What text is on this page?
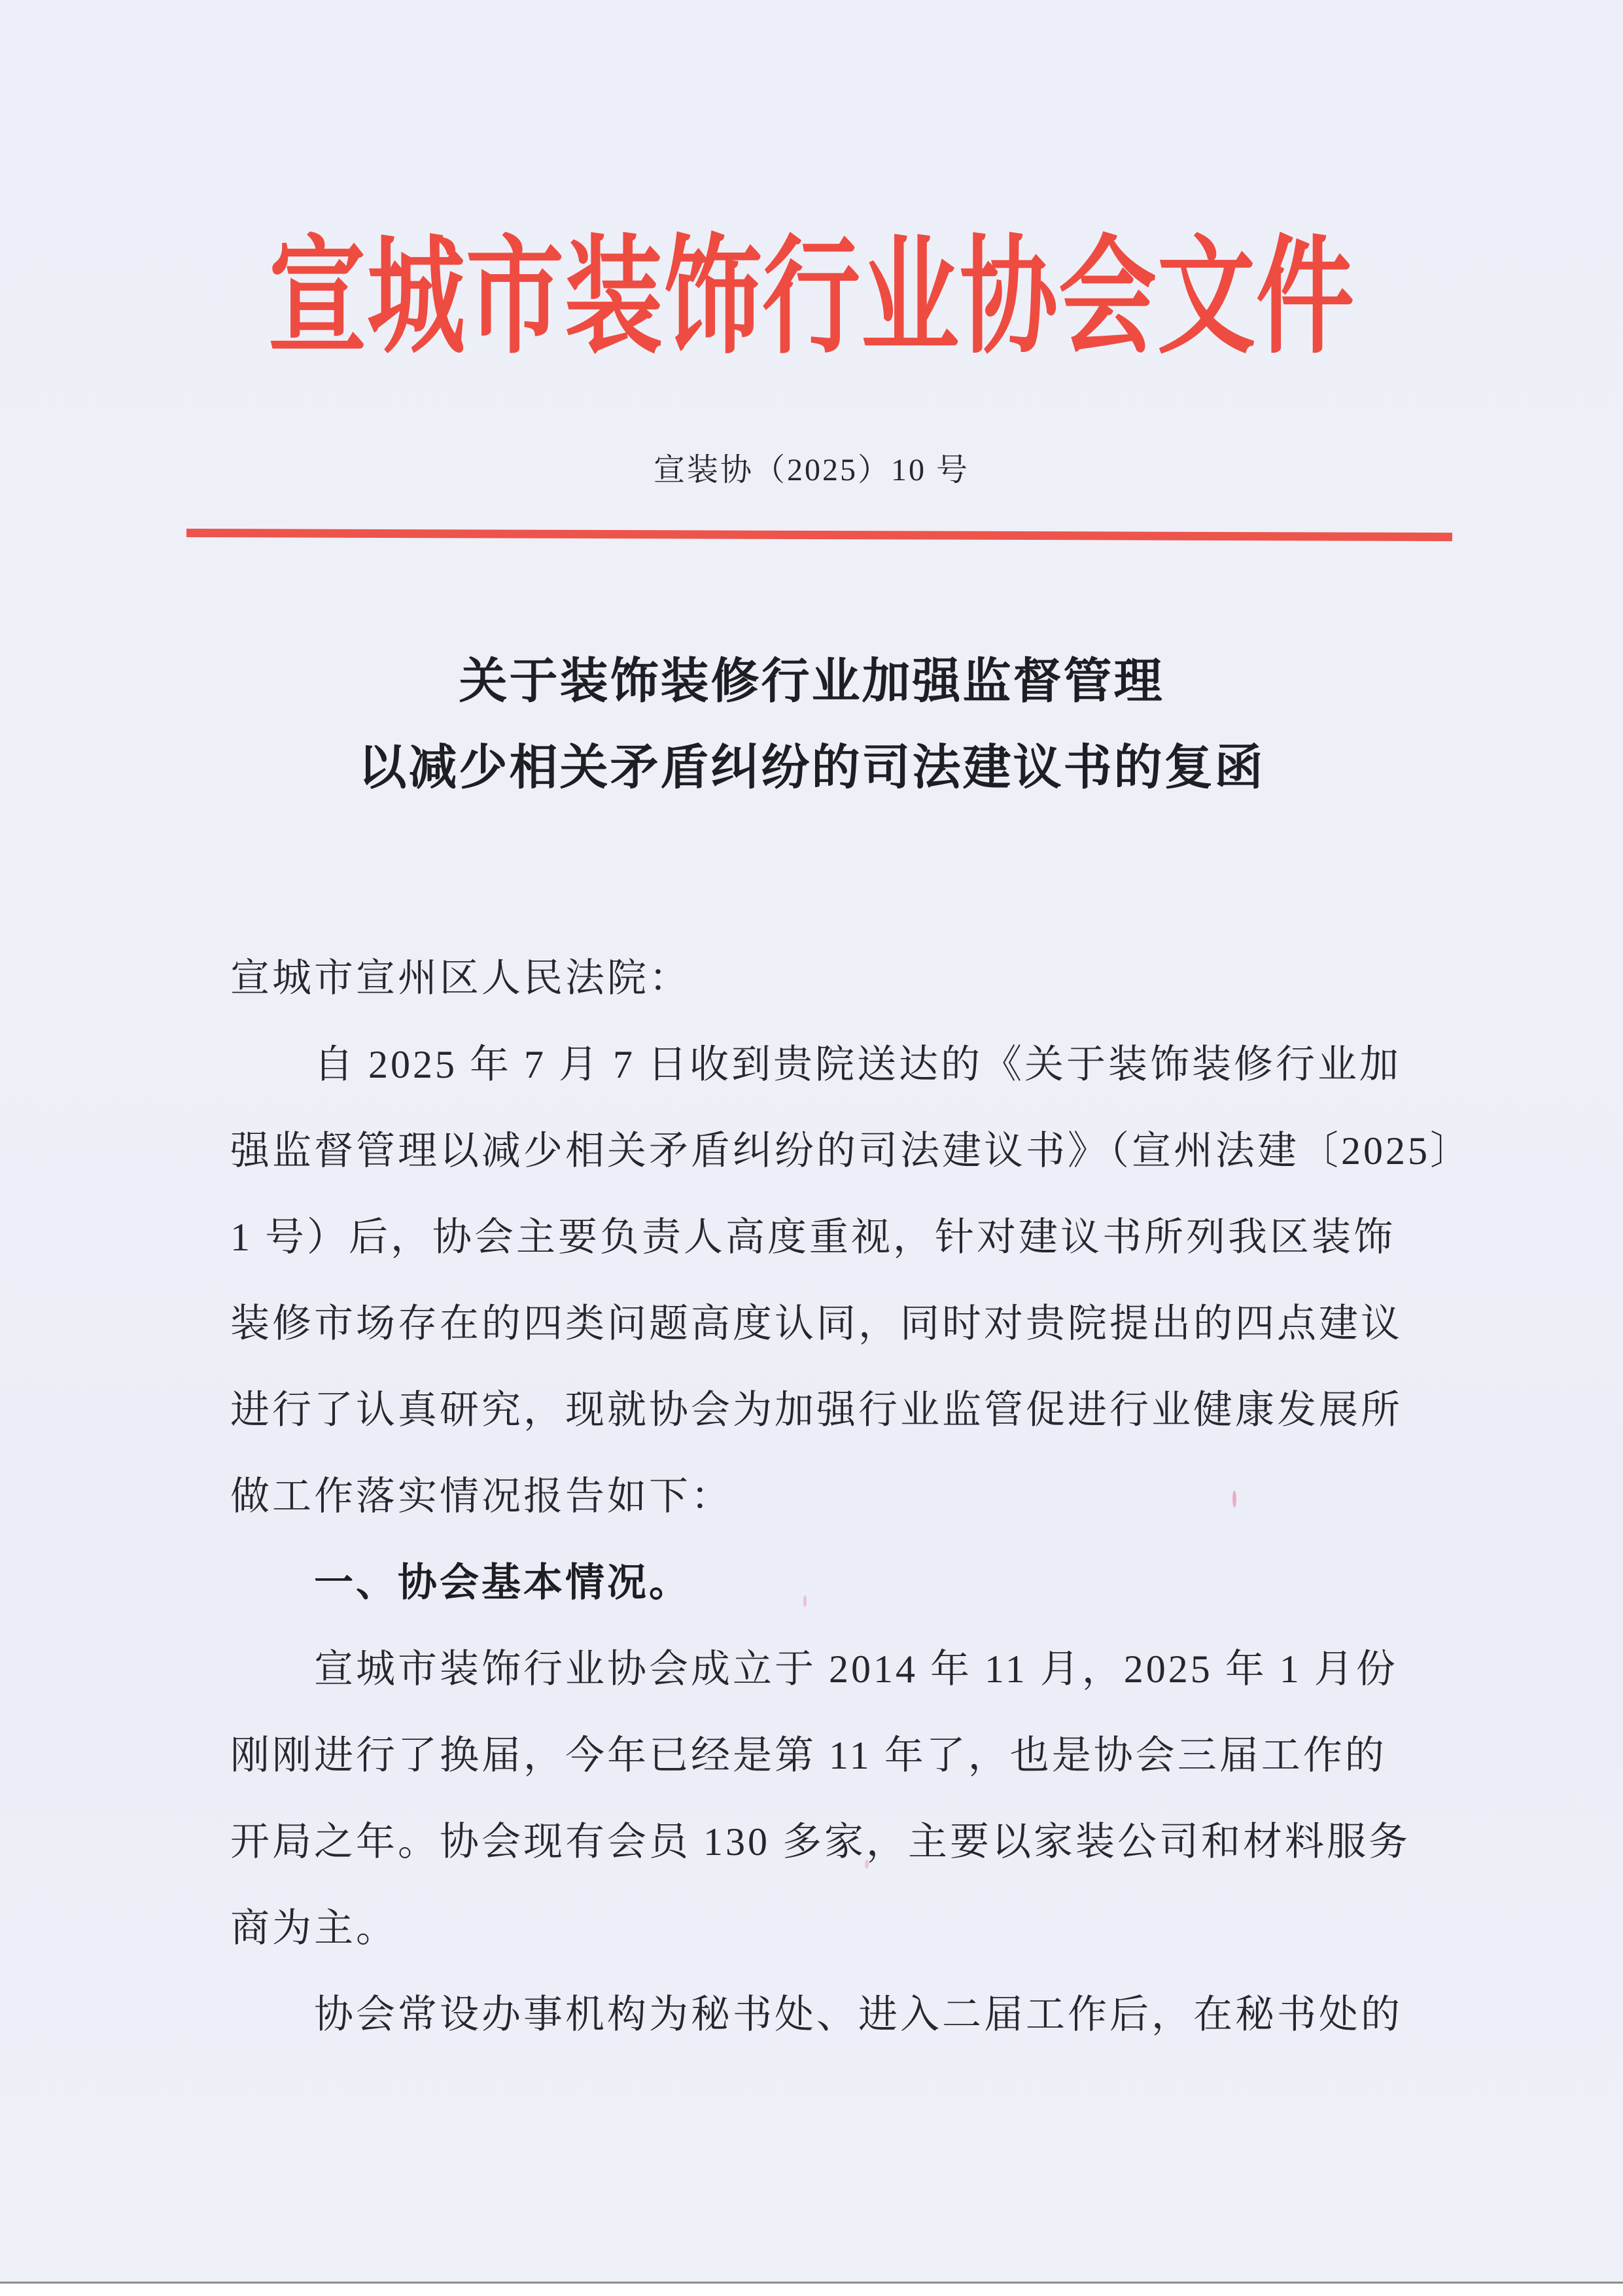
宣城市装饰行业协会文件
宣装协（2025）10 号
关于装饰装修行业加强监督管理
以减少相关矛盾纠纷的司法建议书的复函
宣城市宣州区人民法院：
自 2025 年 7 月 7 日收到贵院送达的《关于装饰装修行业加
强监督管理以减少相关矛盾纠纷的司法建议书》（宣州法建〔2025〕
1 号）后，协会主要负责人高度重视，针对建议书所列我区装饰
装修市场存在的四类问题高度认同，同时对贵院提出的四点建议
进行了认真研究，现就协会为加强行业监管促进行业健康发展所
做工作落实情况报告如下：
一、协会基本情况。
宣城市装饰行业协会成立于 2014 年 11 月，2025 年 1 月份
刚刚进行了换届，今年已经是第 11 年了，也是协会三届工作的
开局之年。协会现有会员 130 多家，主要以家装公司和材料服务
商为主。
协会常设办事机构为秘书处、进入二届工作后，在秘书处的
